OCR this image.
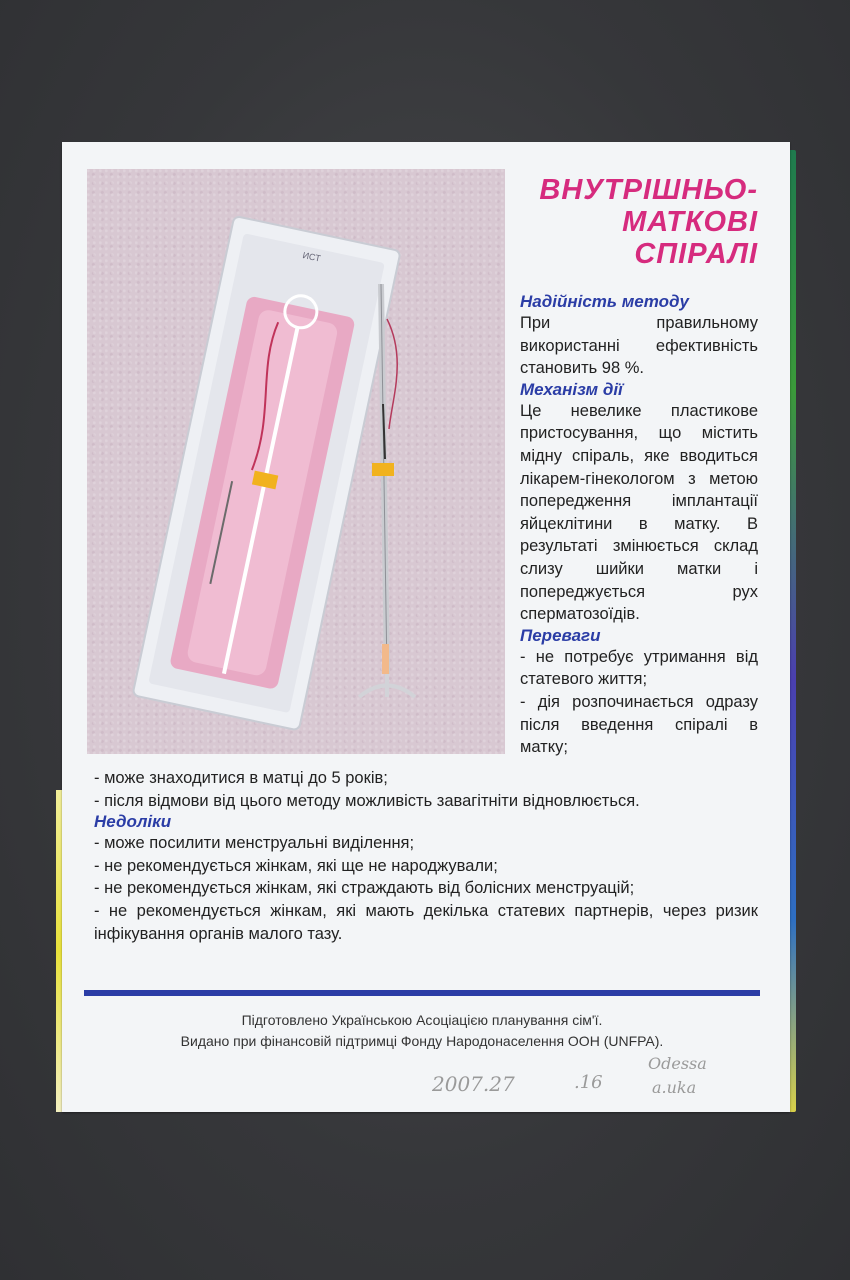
ИСТ
ВНУТРІШНЬО-
МАТКОВІ
СПІРАЛІ

Надійність методу

При правильному використанні ефективність становить 98 %.

Механізм дії

Це невелике пластикове пристосування, що містить мідну спіраль, яке вводиться лікарем-гінекологом з метою попередження імплантації яйцеклітини в матку. В результаті змінюється склад слизу шийки матки і попереджується рух сперматозоїдів.

Переваги

- не потребує утримання від статевого життя;

- дія розпочинається одразу після введення спіралі в матку;

- може знаходитися в матці до 5 років;

- після відмови від цього методу можливість завагітніти відновлюється.

Недоліки

- може посилити менструальні виділення;

- не рекомендується жінкам, які ще не народжували;

- не рекомендується жінкам, які страждають від болісних менструацій;

- не рекомендується жінкам, які мають декілька статевих партнерів, через ризик інфікування органів малого тазу.

Підготовлено Українською Асоціацією планування сім'ї.

Видано при фінансовій підтримці Фонду Народонаселення ООН (UNFPA).

2007.27	.16
Odessa
a.uka
